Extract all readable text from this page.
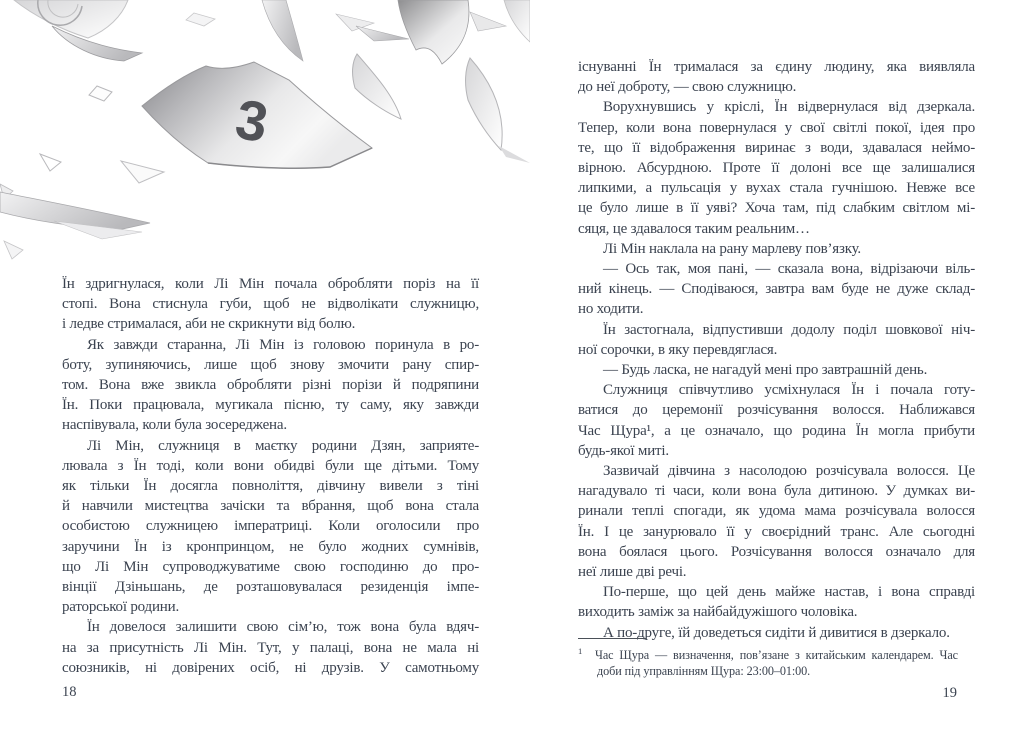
3
Їн здригнулася, коли Лі Мін почала обробляти поріз на її
стопі. Вона стиснула губи, щоб не відволікати служницю,
і ледве стрималася, аби не скрикнути від болю.
Як завжди старанна, Лі Мін із головою поринула в ро-
боту, зупиняючись, лише щоб знову змочити рану спир-
том. Вона вже звикла обробляти різні порізи й подряпини
Їн. Поки працювала, мугикала пісню, ту саму, яку завжди
наспівувала, коли була зосереджена.
Лі Мін, служниця в маєтку родини Дзян, заприяте-
лювала з Їн тоді, коли вони обидві були ще дітьми. Тому
як тільки Їн досягла повноліття, дівчину вивели з тіні
й навчили мистецтва зачіски та вбрання, щоб вона стала
особистою служницею імператриці. Коли оголосили про
заручини Їн із кронпринцом, не було жодних сумнівів,
що Лі Мін супроводжуватиме свою господиню до про-
вінції Дзіньшань, де розташовувалася резиденція імпе-
раторської родини.
Їн довелося залишити свою сім’ю, тож вона була вдяч-
на за присутність Лі Мін. Тут, у палаці, вона не мала ні
союзників, ні довірених осіб, ні друзів. У самотньому
18
існуванні Їн трималася за єдину людину, яка виявляла
до неї доброту, — свою служницю.
Ворухнувшись у кріслі, Їн відвернулася від дзеркала.
Тепер, коли вона повернулася у свої світлі покої, ідея про
те, що її відображення виринає з води, здавалася неймо-
вірною. Абсурдною. Проте її долоні все ще залишалися
липкими, а пульсація у вухах стала гучнішою. Невже все
це було лише в її уяві? Хоча там, під слабким світлом мі-
сяця, це здавалося таким реальним…
Лі Мін наклала на рану марлеву пов’язку.
— Ось так, моя пані, — сказала вона, відрізаючи віль-
ний кінець. — Сподіваюся, завтра вам буде не дуже склад-
но ходити.
Їн застогнала, відпустивши додолу поділ шовкової ніч-
ної сорочки, в яку перевдяглася.
— Будь ласка, не нагадуй мені про завтрашній день.
Служниця співчутливо усміхнулася Їн і почала готу-
ватися до церемонії розчісування волосся. Наближався
Час Щура¹, а це означало, що родина Їн могла прибути
будь-якої миті.
Зазвичай дівчина з насолодою розчісувала волосся. Це
нагадувало ті часи, коли вона була дитиною. У думках ви-
ринали теплі спогади, як удома мама розчісувала волосся
Їн. І це занурювало її у своєрідний транс. Але сьогодні
вона боялася цього. Розчісування волосся означало для
неї лише дві речі.
По-перше, що цей день майже настав, і вона справді
виходить заміж за найбайдужішого чоловіка.
А по-друге, їй доведеться сидіти й дивитися в дзеркало.
1 Час Щура — визначення, пов’язане з китайським календарем. Час
доби під управлінням Щура: 23:00–01:00.
19
